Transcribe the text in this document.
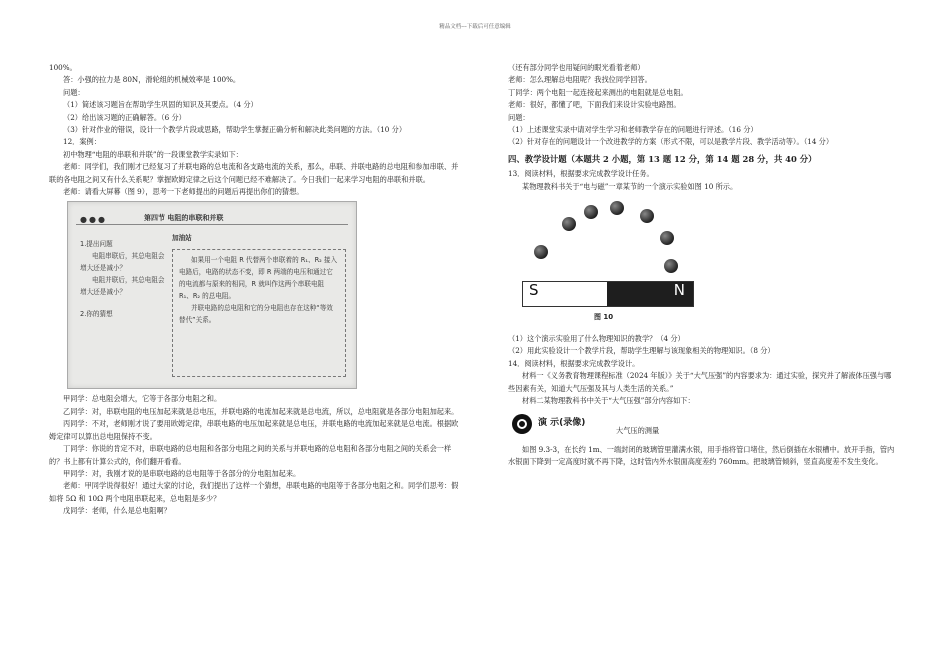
精品文档---下载后可任意编辑

100%。

答：小强的拉力是 80N，滑轮组的机械效率是 100%。

问题：

（1）简述该习题旨在帮助学生巩固的知识及其要点。（4 分）

（2）给出该习题的正确解答。（6 分）

（3）针对作业的错误，设计一个教学片段或思路，帮助学生掌握正确分析和解决此类问题的方法。（10 分）

12．案例：

初中物理“电阻的串联和并联”的一段课堂教学实录如下：

老师：同学们，我们刚才已经复习了并联电路的总电流和各支路电流的关系，那么，串联、并联电路的总电阻和参加串联、并联的各电阻之间又有什么关系呢？掌握欧姆定律之后这个问题已经不难解决了。今日我们一起来学习电阻的串联和并联。

老师：请看大屏幕（图 9），思考一下老师提出的问题后再提出你们的猜想。

●●●	第四节 电阻的串联和并联
1.提出问题
电阻串联后，其总电阻会增大还是减小？
电阻并联后，其总电阻会增大还是减小？
2.你的猜想
加油站
如果用一个电阻 R 代替两个串联着的 R₁、R₂ 接入电路后，电路的状态不变，即 R 两端的电压和通过它的电流都与原来的相同，R 就叫作这两个串联电阻 R₁、R₂ 的总电阻。
并联电路的总电阻和它的分电阻也存在这种“等效替代”关系。

甲同学：总电阻会增大，它等于各部分电阻之和。

乙同学：对，串联电阻的电压加起来就是总电压，并联电路的电流加起来就是总电流，所以，总电阻就是各部分电阻加起来。

丙同学：不对，老师刚才说了要用欧姆定律，串联电路的电压加起来就是总电压，并联电路的电流加起来就是总电流。根据欧姆定律可以算出总电阻保持不变。

丁同学：你说的肯定不对，串联电路的总电阻和各部分电阻之间的关系与并联电路的总电阻和各部分电阻之间的关系会一样的？书上都有计算公式的，你们翻开看看。

甲同学：对，我刚才说的是串联电路的总电阻等于各部分的分电阻加起来。

老师：甲同学说得很好！通过大家的讨论，我们提出了这样一个猜想，串联电路的电阻等于各部分电阻之和。同学们思考：假如将 5Ω 和 10Ω 两个电阻串联起来，总电阻是多少？

戊同学：老师，什么是总电阻啊？

（还有部分同学也用疑问的眼光看着老师）

老师：怎么理解总电阻呢？我找位同学回答。

丁同学：两个电阻一起连接起来测出的电阻就是总电阻。

老师：很好，都懂了吧，下面我们来设计实验电路图。

问题：

（1）上述课堂实录中请对学生学习和老师教学存在的问题进行评述。（16 分）

（2）针对存在的问题设计一个改进教学的方案（形式不限，可以是教学片段、教学活动等）。（14 分）

四、教学设计题（本题共 2 小题，第 13 题 12 分，第 14 题 28 分，共 40 分）

13．阅读材料，根据要求完成教学设计任务。

某物理教科书关于“电与磁”一章某节的一个演示实验如图 10 所示。

S	N
图 10

（1）这个演示实验用了什么物理知识的教学？（4 分）

（2）用此实验设计一个教学片段，帮助学生理解与该现象相关的物理知识。（8 分）

14．阅读材料，根据要求完成教学设计。

材料一《义务教育物理课程标准（2024 年版）》关于“大气压强”的内容要求为：通过实验，探究并了解液体压强与哪些因素有关，知道大气压强及其与人类生活的关系。”

材料二某物理教科书中关于“大气压强”部分内容如下：

演 示(录像)
大气压的测量

如图 9.3-3，在长约 1m、一端封闭的玻璃管里灌满水银，用手指将管口堵住，然后倒插在水银槽中。放开手指，管内水银面下降到一定高度时就不再下降，这时管内外水银面高度差约 760mm。把玻璃管倾斜，竖直高度差不发生变化。
